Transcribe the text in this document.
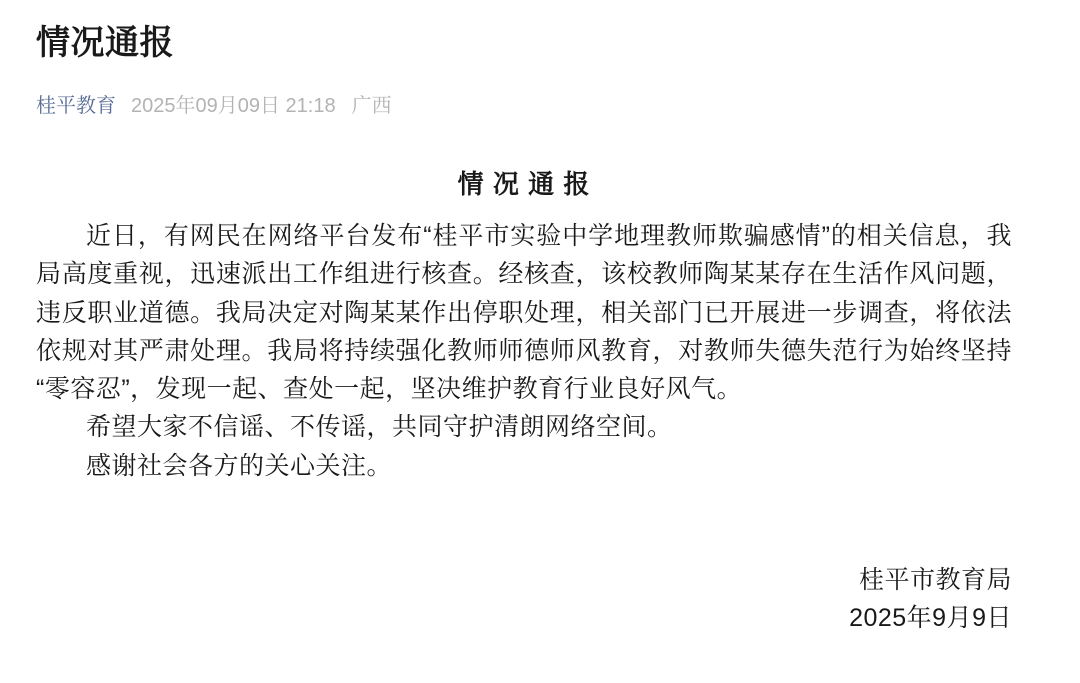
情况通报
桂平教育 2025年09月09日 21:18 广西
情 况 通 报

近日，有网民在网络平台发布“桂平市实验中学地理教师欺骗感情”的相关信息，我局高度重视，迅速派出工作组进行核查。经核查，该校教师陶某某存在生活作风问题，违反职业道德。我局决定对陶某某作出停职处理，相关部门已开展进一步调查，将依法依规对其严肃处理。我局将持续强化教师师德师风教育，对教师失德失范行为始终坚持“零容忍”，发现一起、查处一起，坚决维护教育行业良好风气。

希望大家不信谣、不传谣，共同守护清朗网络空间。

感谢社会各方的关心关注。

桂平市教育局
2025年9月9日
